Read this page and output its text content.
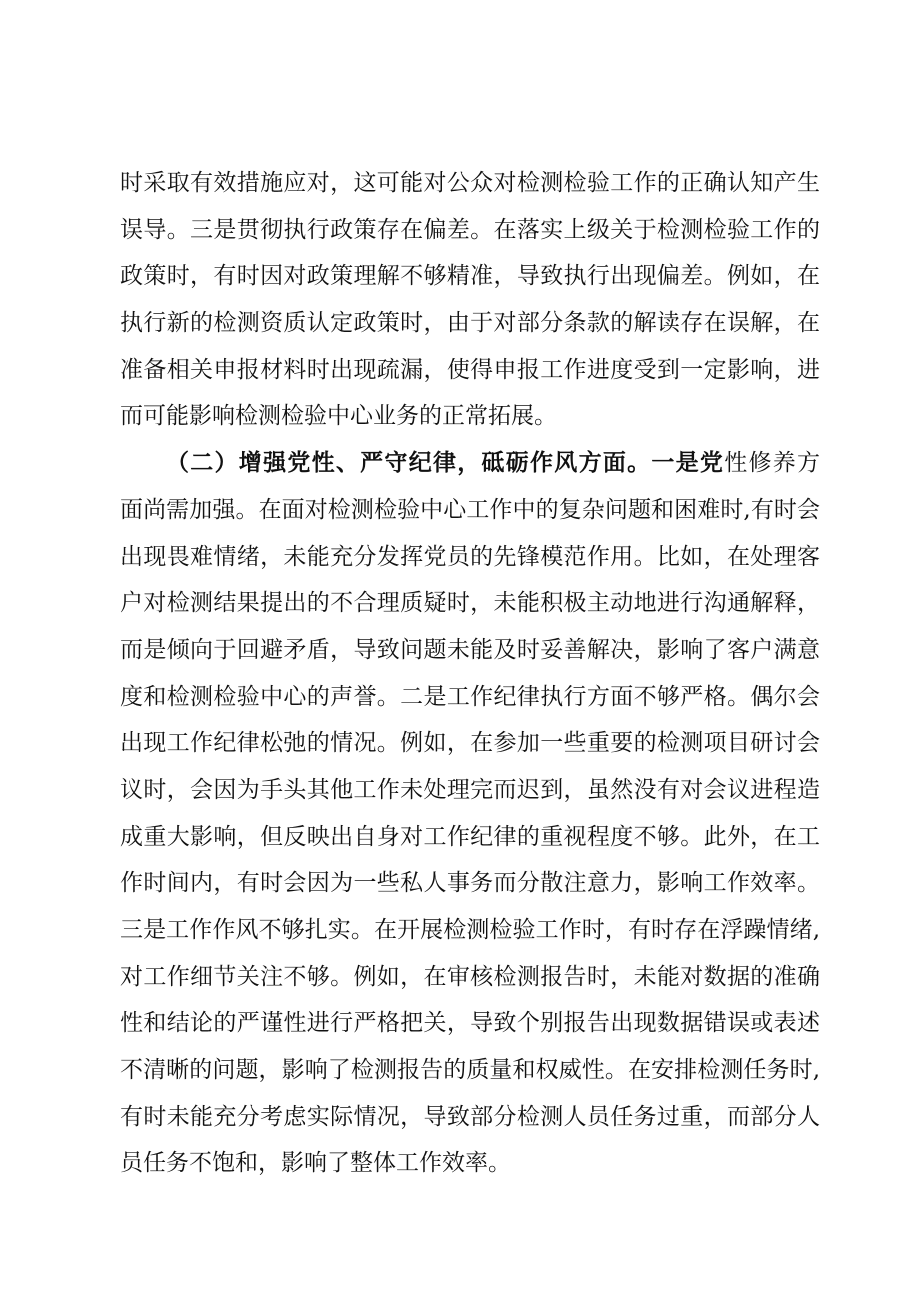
时采取有效措施应对，这可能对公众对检测检验工作的正确认知产生
误导。三是贯彻执行政策存在偏差。在落实上级关于检测检验工作的
政策时，有时因对政策理解不够精准，导致执行出现偏差。例如，在
执行新的检测资质认定政策时，由于对部分条款的解读存在误解，在
准备相关申报材料时出现疏漏，使得申报工作进度受到一定影响，进
而可能影响检测检验中心业务的正常拓展。
（二）增强党性、严守纪律，砥砺作风方面。一是党性修养方
面尚需加强。在面对检测检验中心工作中的复杂问题和困难时,有时会
出现畏难情绪，未能充分发挥党员的先锋模范作用。比如，在处理客
户对检测结果提出的不合理质疑时，未能积极主动地进行沟通解释，
而是倾向于回避矛盾，导致问题未能及时妥善解决，影响了客户满意
度和检测检验中心的声誉。二是工作纪律执行方面不够严格。偶尔会
出现工作纪律松弛的情况。例如，在参加一些重要的检测项目研讨会
议时，会因为手头其他工作未处理完而迟到，虽然没有对会议进程造
成重大影响，但反映出自身对工作纪律的重视程度不够。此外，在工
作时间内，有时会因为一些私人事务而分散注意力，影响工作效率。
三是工作作风不够扎实。在开展检测检验工作时，有时存在浮躁情绪,
对工作细节关注不够。例如，在审核检测报告时，未能对数据的准确
性和结论的严谨性进行严格把关，导致个别报告出现数据错误或表述
不清晰的问题，影响了检测报告的质量和权威性。在安排检测任务时,
有时未能充分考虑实际情况，导致部分检测人员任务过重，而部分人
员任务不饱和，影响了整体工作效率。
